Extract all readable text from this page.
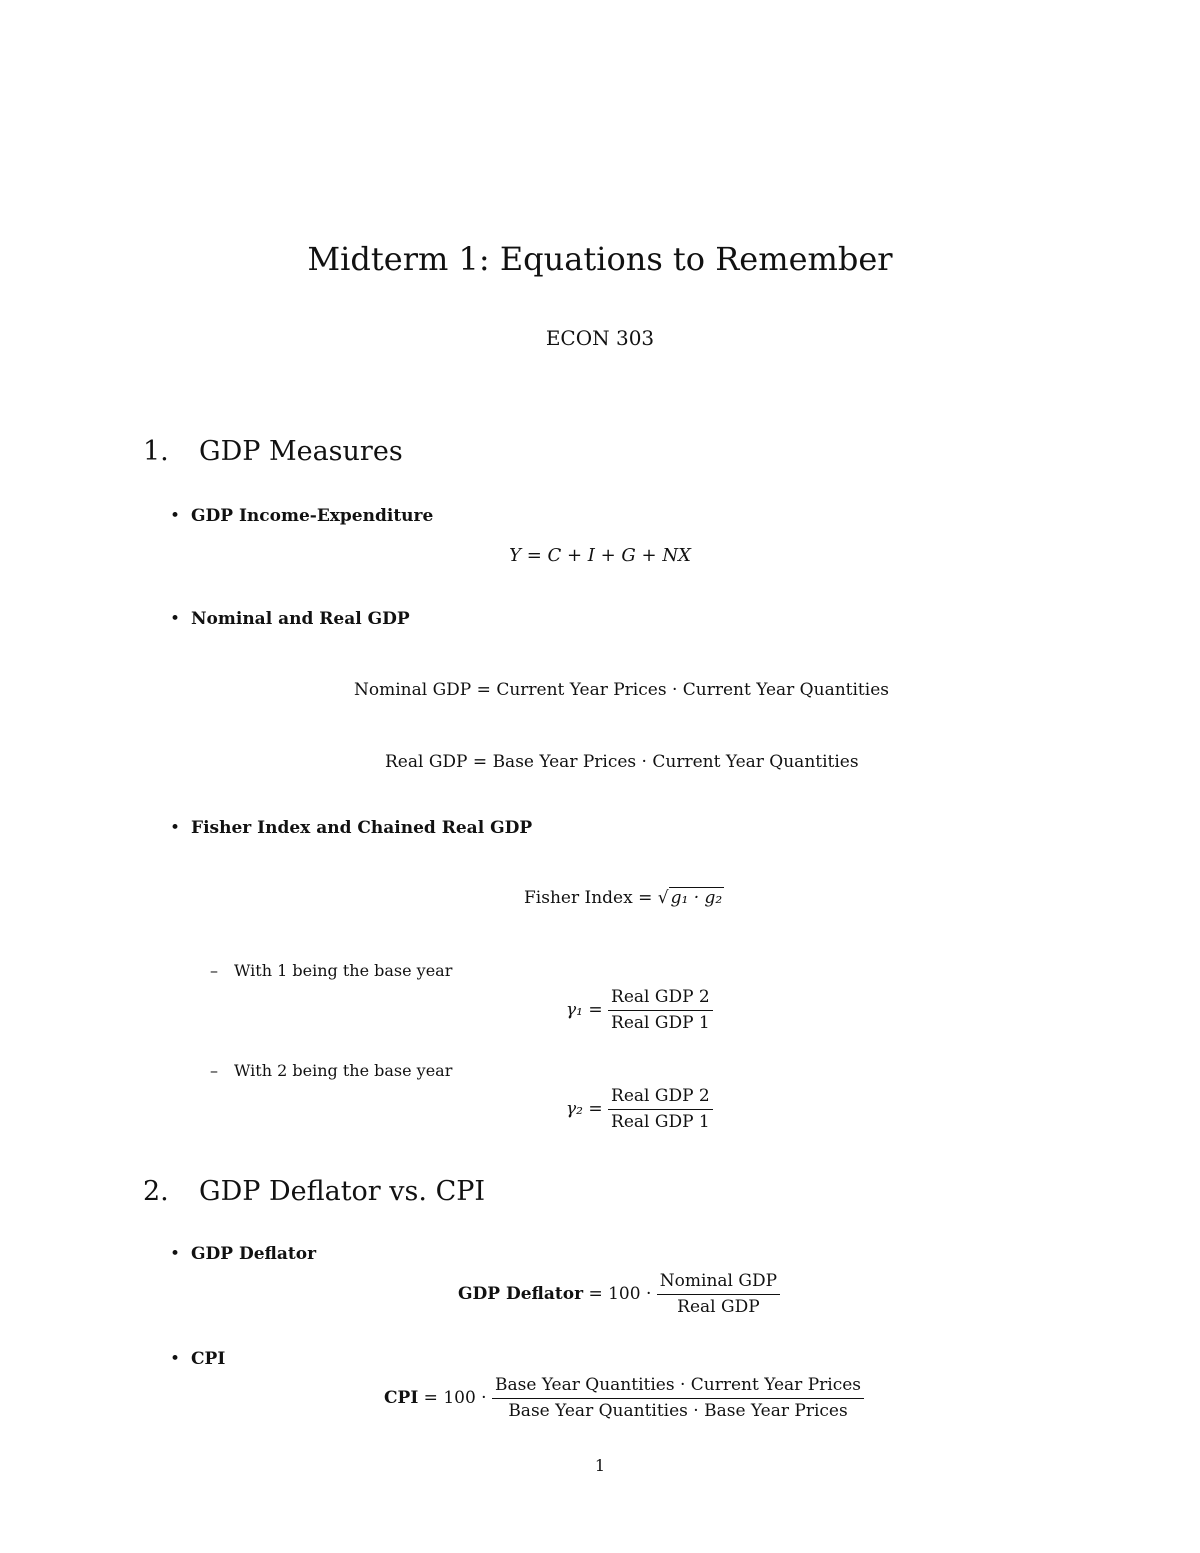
Midterm 1: Equations to Remember
ECON 303
1. GDP Measures
• GDP Income-Expenditure
Y = C + I + G + NX
• Nominal and Real GDP
Nominal GDP = Current Year Prices · Current Year Quantities
Real GDP = Base Year Prices · Current Year Quantities
• Fisher Index and Chained Real GDP
Fisher Index = √ g₁ · g₂
– With 1 being the base year
$\gamma_1 = \frac{\text{Real GDP 2}}{\text{Real GDP 1}}$
– With 2 being the base year
$\gamma_2 = \frac{\text{Real GDP 2}}{\text{Real GDP 1}}$
2. GDP Deflator vs. CPI
• GDP Deflator
GDP Deflator = $100 \cdot \frac{\text{Nominal GDP}}{\text{Real GDP}}$
• CPI
CPI = $100 \cdot \frac{\text{Base Year Quantities · Current Year Prices}}{\text{Base Year Quantities · Base Year Prices}}$
1
